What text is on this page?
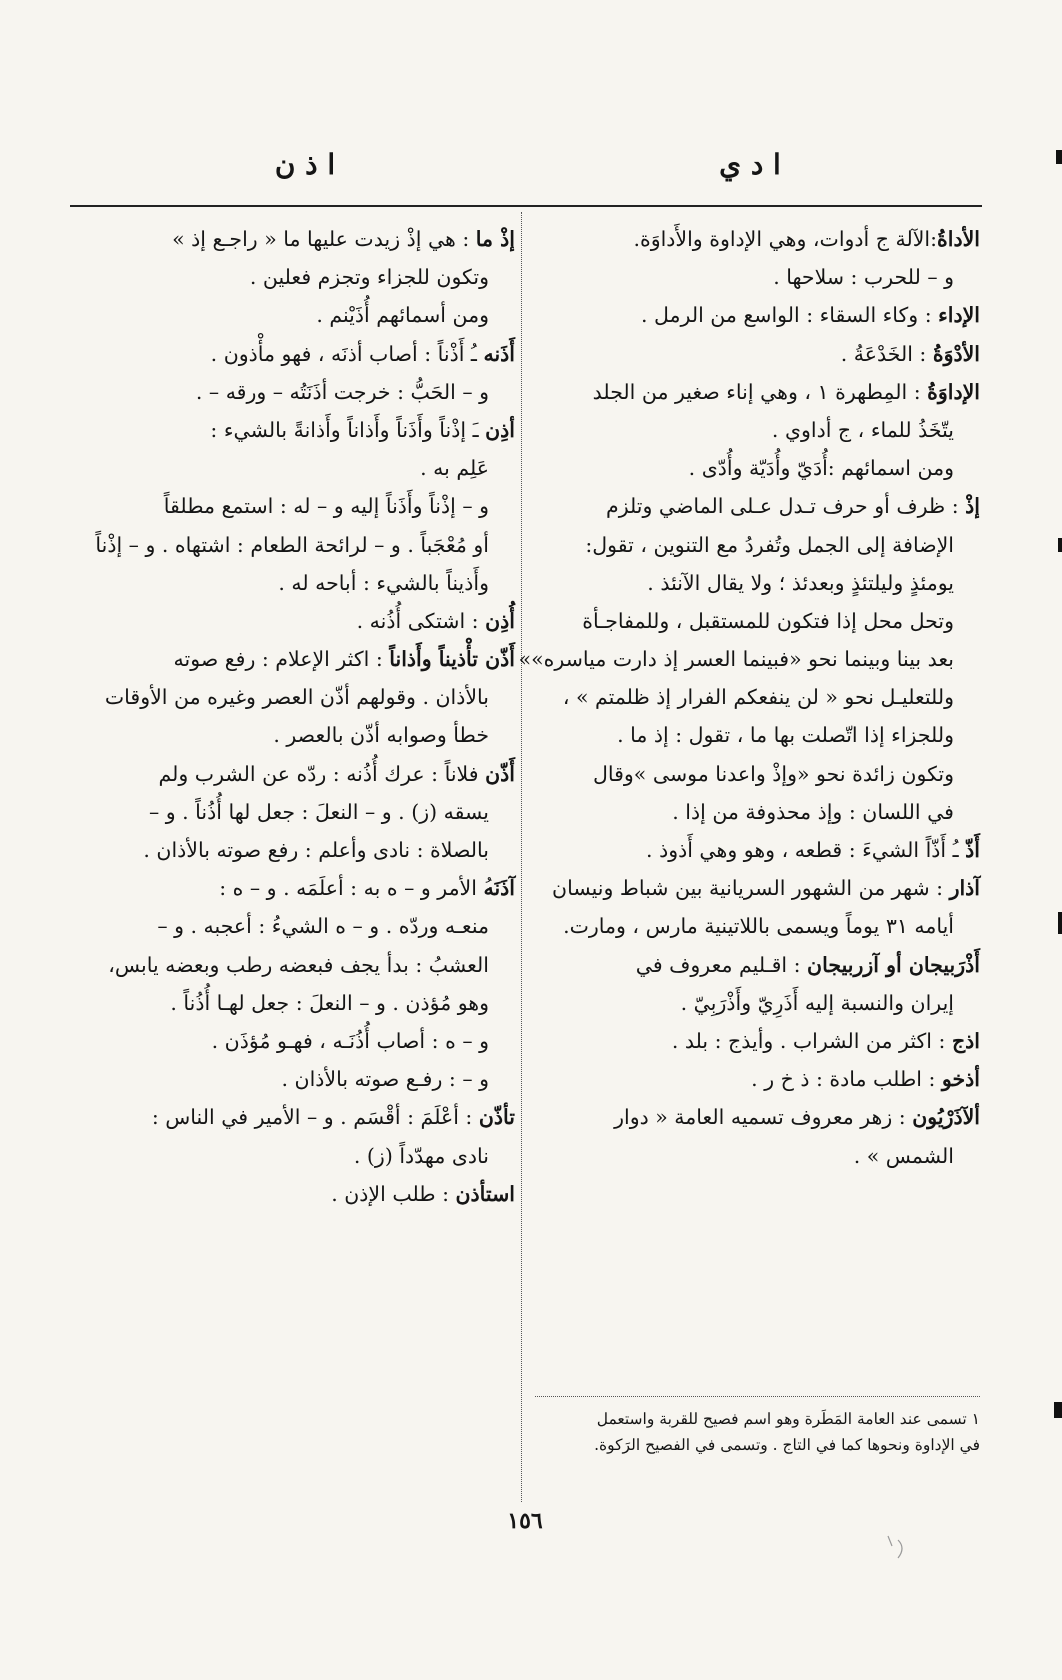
ا د ي
ا ذ ن
الأداةُ:الآلة ج أدوات، وهي الإداوة والأَداوَة.
و – للحرب : سلاحها .
الإداء : وكاء السقاء : الواسع من الرمل .
الأدْوَةُ : الخَدْعَةُ .
الإداوَةُ : المِطهرة ١ ، وهي إناء صغير من الجلد
يتّخَذُ للماء ، ج أداوي .
ومن اسمائهم :أُدَيّ وأُدَيّة وأُدّى .
إذْ : ظرف أو حرف تـدل عـلى الماضي وتلزم
الإضافة إلى الجمل وتُفردُ مع التنوين ، تقول:
يومئذٍ وليلتئذٍ وبعدئذ ؛ ولا يقال الآنئذ .
وتحل محل إذا فتكون للمستقبل ، وللمفاجـأة
بعد بينا وبينما نحو «فبينما العسر إذ دارت مياسره»»
وللتعليـل نحو « لن ينفعكم الفرار إذ ظلمتم » ،
وللجزاء إذا اتّصلت بها ما ، تقول : إذ ما .
وتكون زائدة نحو «وإذْ واعدنا موسى »وقال
في اللسان : وإذ محذوفة من إذا .
أَذّ ـُ أَذّاً الشيءَ : قطعه ، وهو وهي أَذوذ .
آذار : شهر من الشهور السريانية بين شباط ونيسان
أيامه ٣١ يوماً ويسمى باللاتينية مارس ، ومارت.
أَذْرَبيجان أو آزربيجان : اقـليم معروف في
إيران والنسبة إليه أَذَرِيّ وأَذْرَبِيّ .
اذج : اكثر من الشراب . وأيذج : بلد .
أذخو : اطلب مادة : ذ خ ر .
ألآذَرْيُون : زهر معروف تسميه العامة « دوار
الشمس » .
إذْ ما : هي إذْ زيدت عليها ما « راجـع إذ »
وتكون للجزاء وتجزم فعلين .
ومن أسمائهم أُذَيْنم .
أَذَنه ـُ أَذْناً : أصاب أذنَه ، فهو مأْذون .
و – الحَبُّ : خرجت أذَنَتُه – ورقه – .
أذِن ـَ إذْناً وأَذَناً وأَذاناً وأَذانةً بالشيء :
عَلِم به .
و – إذْناً وأَذَناً إليه و – له : استمع مطلقاً
أو مُعْجَباً . و – لرائحة الطعام : اشتهاه . و – إذْناً
وأَذيناً بالشيء : أباحه له .
أُذِن : اشتكى أُذُنه .
أَذّن تأْذيناً وأَذاناً : اكثر الإعلام : رفع صوته
بالأذان . وقولهم أذّن العصر وغيره من الأوقات
خطأ وصوابه أذّن بالعصر .
أَذّن فلاناً : عرك أُذُنه : ردّه عن الشرب ولم
يسقه (ز) . و – النعلَ : جعل لها أُذُناً . و –
بالصلاة : نادى وأعلم : رفع صوته بالأذان .
آذَنَهُ الأمر و – ه به : أعلَمَه . و – ه :
منعـه وردّه . و – ه الشيءُ : أعجبه . و –
العشبُ : بدأ يجف فبعضه رطب وبعضه يابس،
وهو مُؤذن . و – النعلَ : جعل لهـا أُذُناً .
و – ه : أصاب أُذُنَـه ، فهـو مُؤذَن .
و – : رفـع صوته بالأذان .
تأذّن : أعْلَمَ : أقْسَم . و – الأمير في الناس :
نادى مهدّداً (ز) .
استأذن : طلب الإذن .
١ تسمى عند العامة المَطَرة وهو اسم فصيح للقربة واستعمل
في الإداوة ونحوها كما في التاج . وتسمى في الفصيح الرَكوة.
١٥٦
